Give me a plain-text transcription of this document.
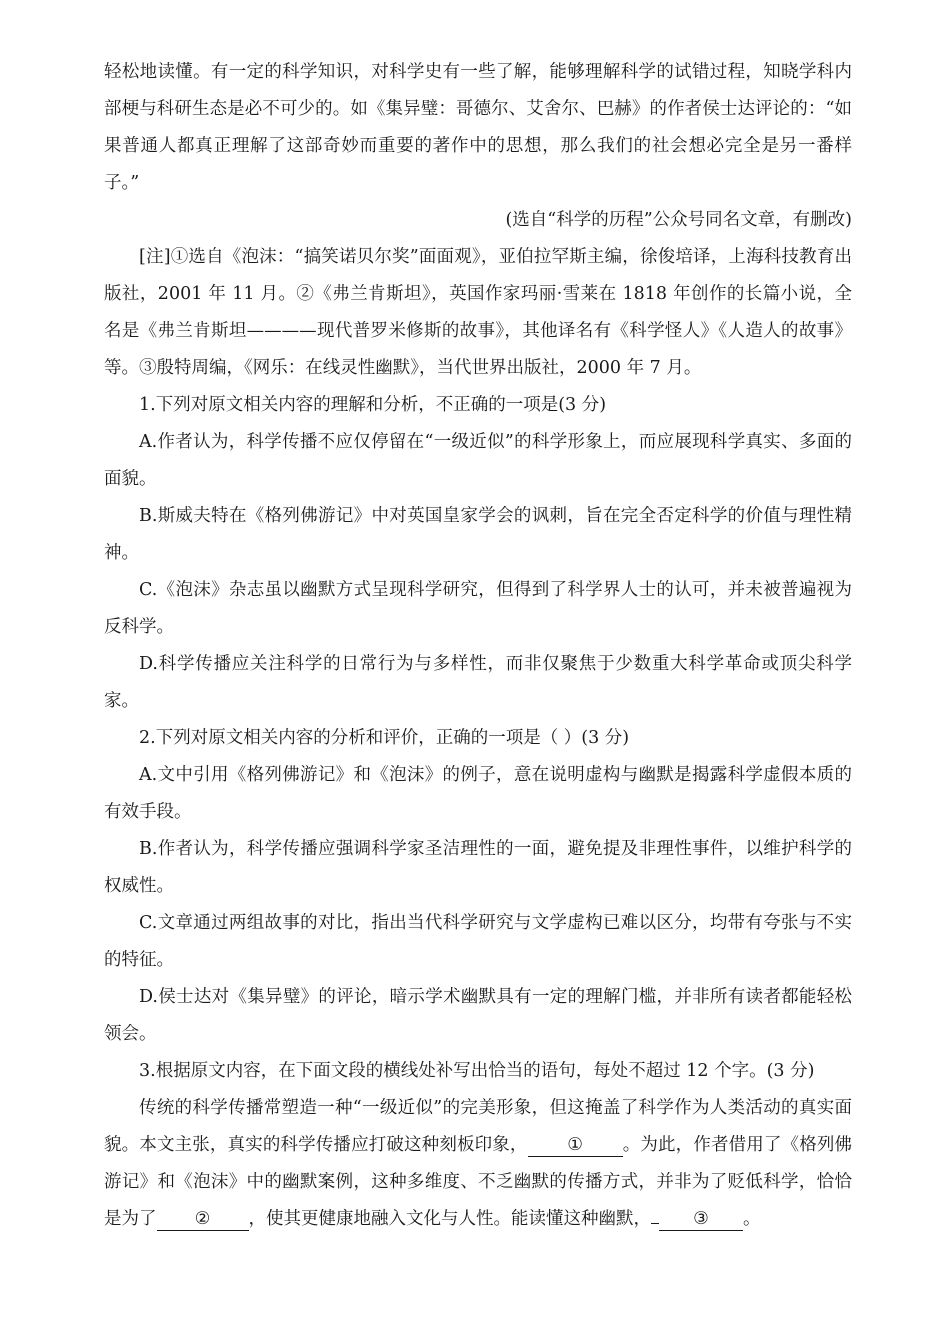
轻松地读懂。有一定的科学知识，对科学史有一些了解，能够理解科学的试错过程，知晓学科内部梗与科研生态是必不可少的。如《集异璧：哥德尔、艾舍尔、巴赫》的作者侯士达评论的：“如果普通人都真正理解了这部奇妙而重要的著作中的思想，那么我们的社会想必完全是另一番样子。”

(选自“科学的历程”公众号同名文章，有删改)

[注]①选自《泡沫：“搞笑诺贝尔奖”面面观》，亚伯拉罕斯主编，徐俊培译，上海科技教育出版社，2001 年 11 月。②《弗兰肯斯坦》，英国作家玛丽·雪莱在 1818 年创作的长篇小说，全名是《弗兰肯斯坦————现代普罗米修斯的故事》，其他译名有《科学怪人》《人造人的故事》等。③殷特周编，《网乐：在线灵性幽默》，当代世界出版社，2000 年 7 月。

1.下列对原文相关内容的理解和分析，不正确的一项是(3 分)

A.作者认为，科学传播不应仅停留在“一级近似”的科学形象上，而应展现科学真实、多面的面貌。

B.斯威夫特在《格列佛游记》中对英国皇家学会的讽刺，旨在完全否定科学的价值与理性精神。

C.《泡沫》杂志虽以幽默方式呈现科学研究，但得到了科学界人士的认可，并未被普遍视为反科学。

D.科学传播应关注科学的日常行为与多样性，而非仅聚焦于少数重大科学革命或顶尖科学家。

2.下列对原文相关内容的分析和评价，正确的一项是（ ）(3 分)

A.文中引用《格列佛游记》和《泡沫》的例子，意在说明虚构与幽默是揭露科学虚假本质的有效手段。

B.作者认为，科学传播应强调科学家圣洁理性的一面，避免提及非理性事件，以维护科学的权威性。

C.文章通过两组故事的对比，指出当代科学研究与文学虚构已难以区分，均带有夸张与不实的特征。

D.侯士达对《集异璧》的评论，暗示学术幽默具有一定的理解门槛，并非所有读者都能轻松领会。

3.根据原文内容，在下面文段的横线处补写出恰当的语句，每处不超过 12 个字。(3 分)

传统的科学传播常塑造一种“一级近似”的完美形象，但这掩盖了科学作为人类活动的真实面貌。本文主张，真实的科学传播应打破这种刻板印象， ① 。为此，作者借用了《格列佛游记》和《泡沫》中的幽默案例，这种多维度、不乏幽默的传播方式，并非为了贬低科学，恰恰是为了 ② ，使其更健康地融入文化与人性。能读懂这种幽默， ③ 。
